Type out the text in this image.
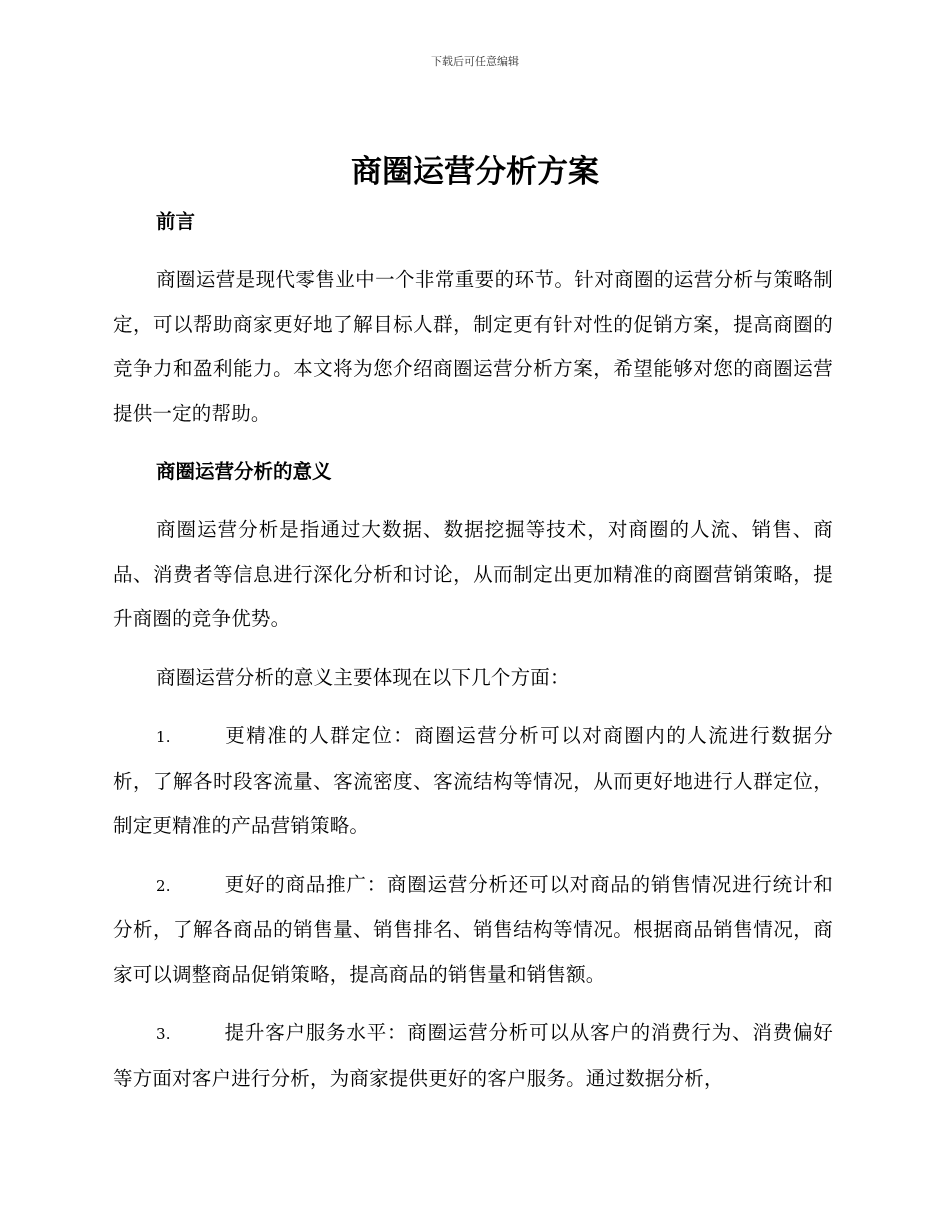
下载后可任意编辑
商圈运营分析方案
前言

商圈运营是现代零售业中一个非常重要的环节。针对商圈的运营分析与策略制定，可以帮助商家更好地了解目标人群，制定更有针对性的促销方案，提高商圈的竞争力和盈利能力。本文将为您介绍商圈运营分析方案，希望能够对您的商圈运营提供一定的帮助。

商圈运营分析的意义

商圈运营分析是指通过大数据、数据挖掘等技术，对商圈的人流、销售、商品、消费者等信息进行深化分析和讨论，从而制定出更加精准的商圈营销策略，提升商圈的竞争优势。

商圈运营分析的意义主要体现在以下几个方面：

1.	更精准的人群定位：商圈运营分析可以对商圈内的人流进行数据分析，了解各时段客流量、客流密度、客流结构等情况，从而更好地进行人群定位，制定更精准的产品营销策略。

2.	更好的商品推广：商圈运营分析还可以对商品的销售情况进行统计和分析，了解各商品的销售量、销售排名、销售结构等情况。根据商品销售情况，商家可以调整商品促销策略，提高商品的销售量和销售额。

3.	提升客户服务水平：商圈运营分析可以从客户的消费行为、消费偏好等方面对客户进行分析，为商家提供更好的客户服务。通过数据分析，
